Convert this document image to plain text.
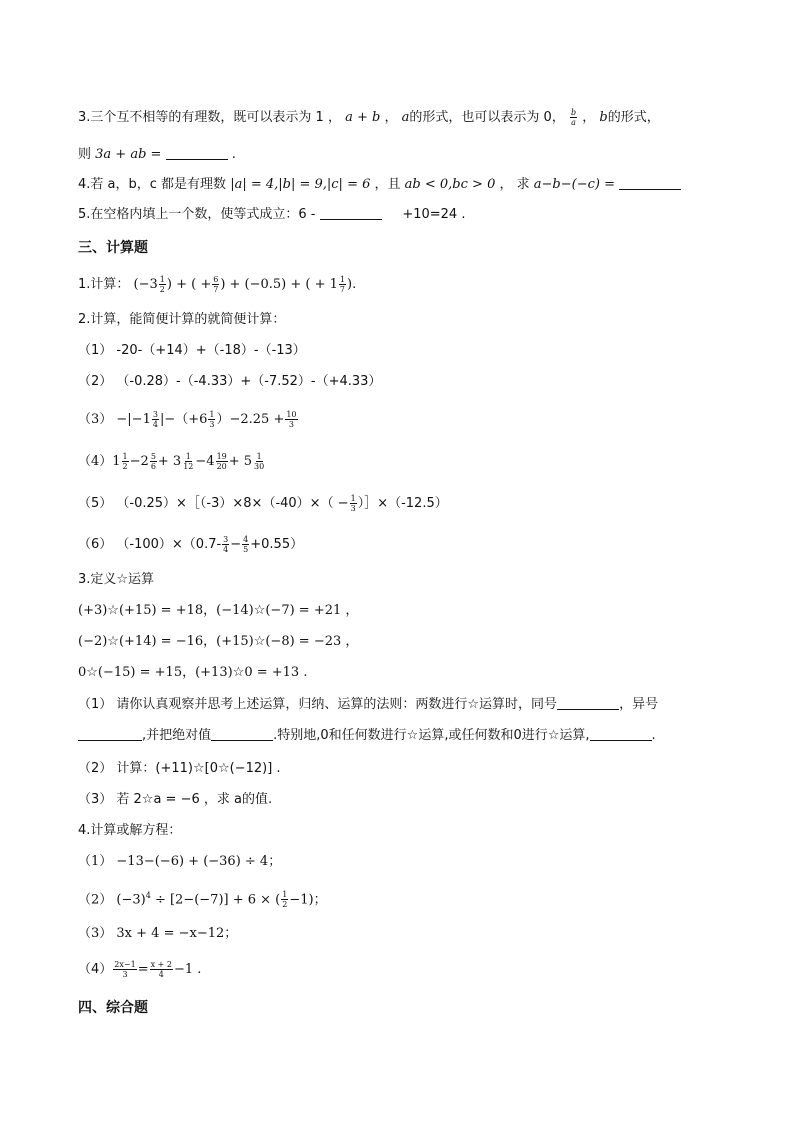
3.三个互不相等的有理数，既可以表示为 1 ， a + b ， a的形式，也可以表示为 0， $\frac{b}{a}$ ， b的形式，
则 3a + ab =	.
4.若 a，b，c 都是有理数 |a| = 4,|b| = 9,|c| = 6 ，且 ab < 0,bc > 0 ， 求 a−b−(−c) =
5.在空格内填上一个数，使等式成立：6 -	+10=24 .
三、计算题
1.计算： ($-3 \frac{1}{2}$ ) + ( + $\frac{6}{7}$ ) + (−0.5) + ( + $1 \frac{1}{7}$ ).
2.计算，能简便计算的就简便计算：
（1） -20-（+14）+（-18）-（-13）
（2） （-0.28）-（-4.33）+（-7.52）-（+4.33）
$(3) -|-1 \frac{3}{4} |-(+6 \frac{1}{3} )-2.25 + \frac{10}{3}$
$(4)1 \frac{1}{2} -2 \frac{5}{6} + 3 \frac{1}{12} -4 \frac{19}{20} + 5 \frac{1}{30}$
（5） （-0.25）×［（-3）×8×（-40）×（ − $\frac{1}{3}$ ）］×（-12.5）
（6） $(-100)\times(0.7- \frac{3}{4} - \frac{4}{5} +0.55)$
3.定义☆运算
(+3)☆(+15) = +18，(−14)☆(−7) = +21 ，
(−2)☆(+14) = −16，(+15)☆(−8) = −23 ，
0☆(−15) = +15，(+13)☆0 = +13 .
（1） 请你认真观察并思考上述运算，归纳、运算的法则：两数进行☆运算时，同号	，异号
,并把绝对值	.特别地,0和任何数进行☆运算,或任何数和0进行☆运算,	.
（2） 计算：(+11)☆[0☆(−12)] .
（3） 若 2☆a = −6 ，求 a的值.
4.计算或解方程：
（1） −13−(−6) + (−36) ÷ 4；
（2） $(-3)^4 \div [2-(-7)] + 6$ × ( $\frac{1}{2} -1$)；
（3） 3x + 4 = −x−12；
$(4) \frac{2x-1}{3} = \frac{x + 2}{4} -1$ .
四、综合题
